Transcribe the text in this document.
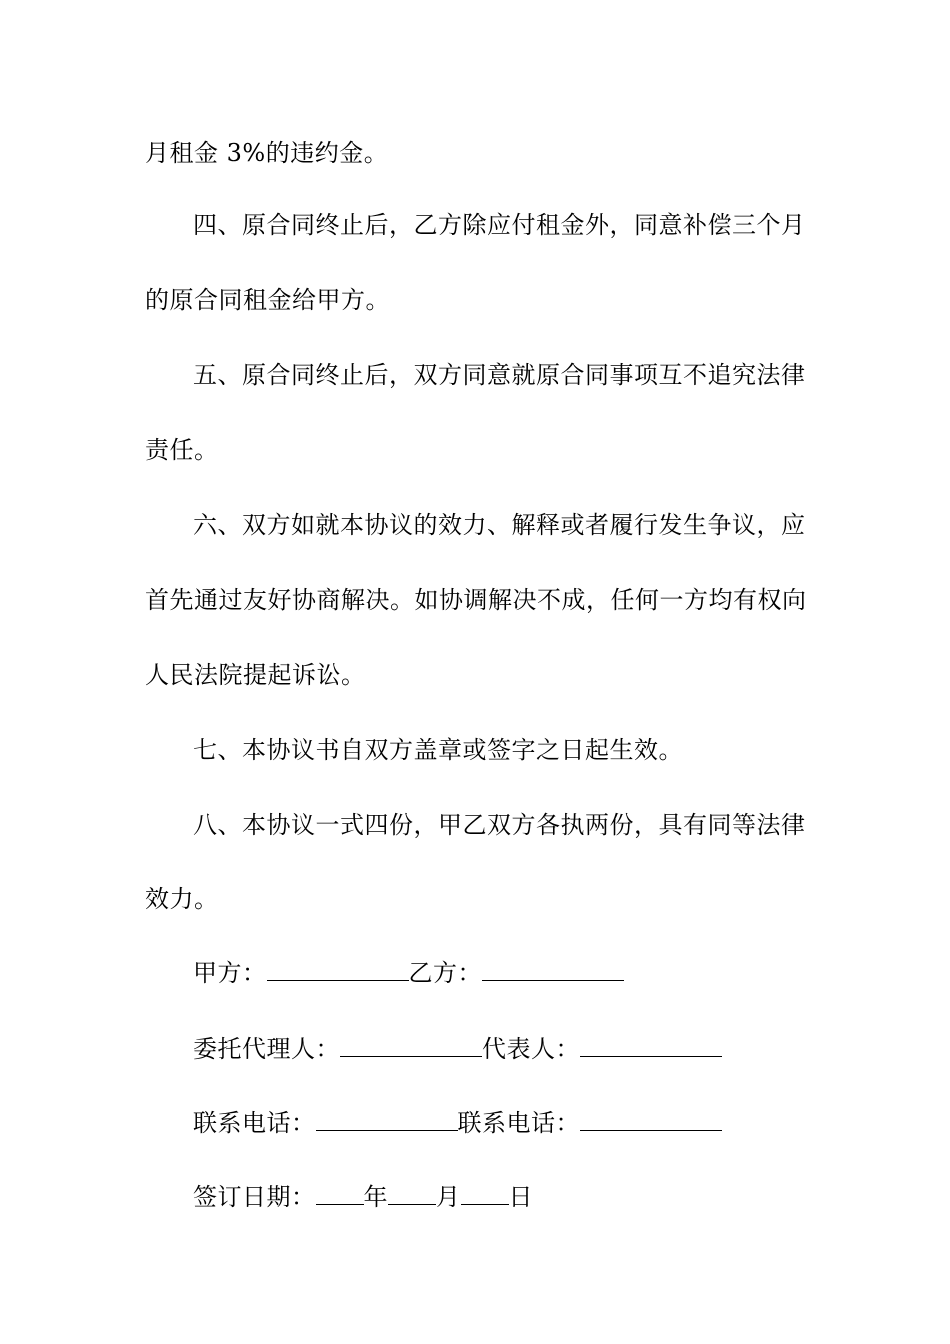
月租金 3%的违约金。
四、原合同终止后，乙方除应付租金外，同意补偿三个月
的原合同租金给甲方。
五、原合同终止后，双方同意就原合同事项互不追究法律
责任。
六、双方如就本协议的效力、解释或者履行发生争议，应
首先通过友好协商解决。如协调解决不成，任何一方均有权向
人民法院提起诉讼。
七、本协议书自双方盖章或签字之日起生效。
八、本协议一式四份，甲乙双方各执两份，具有同等法律
效力。
甲方：	乙方：
委托代理人：	代表人：
联系电话：	联系电话：
签订日期： 年 月 日
